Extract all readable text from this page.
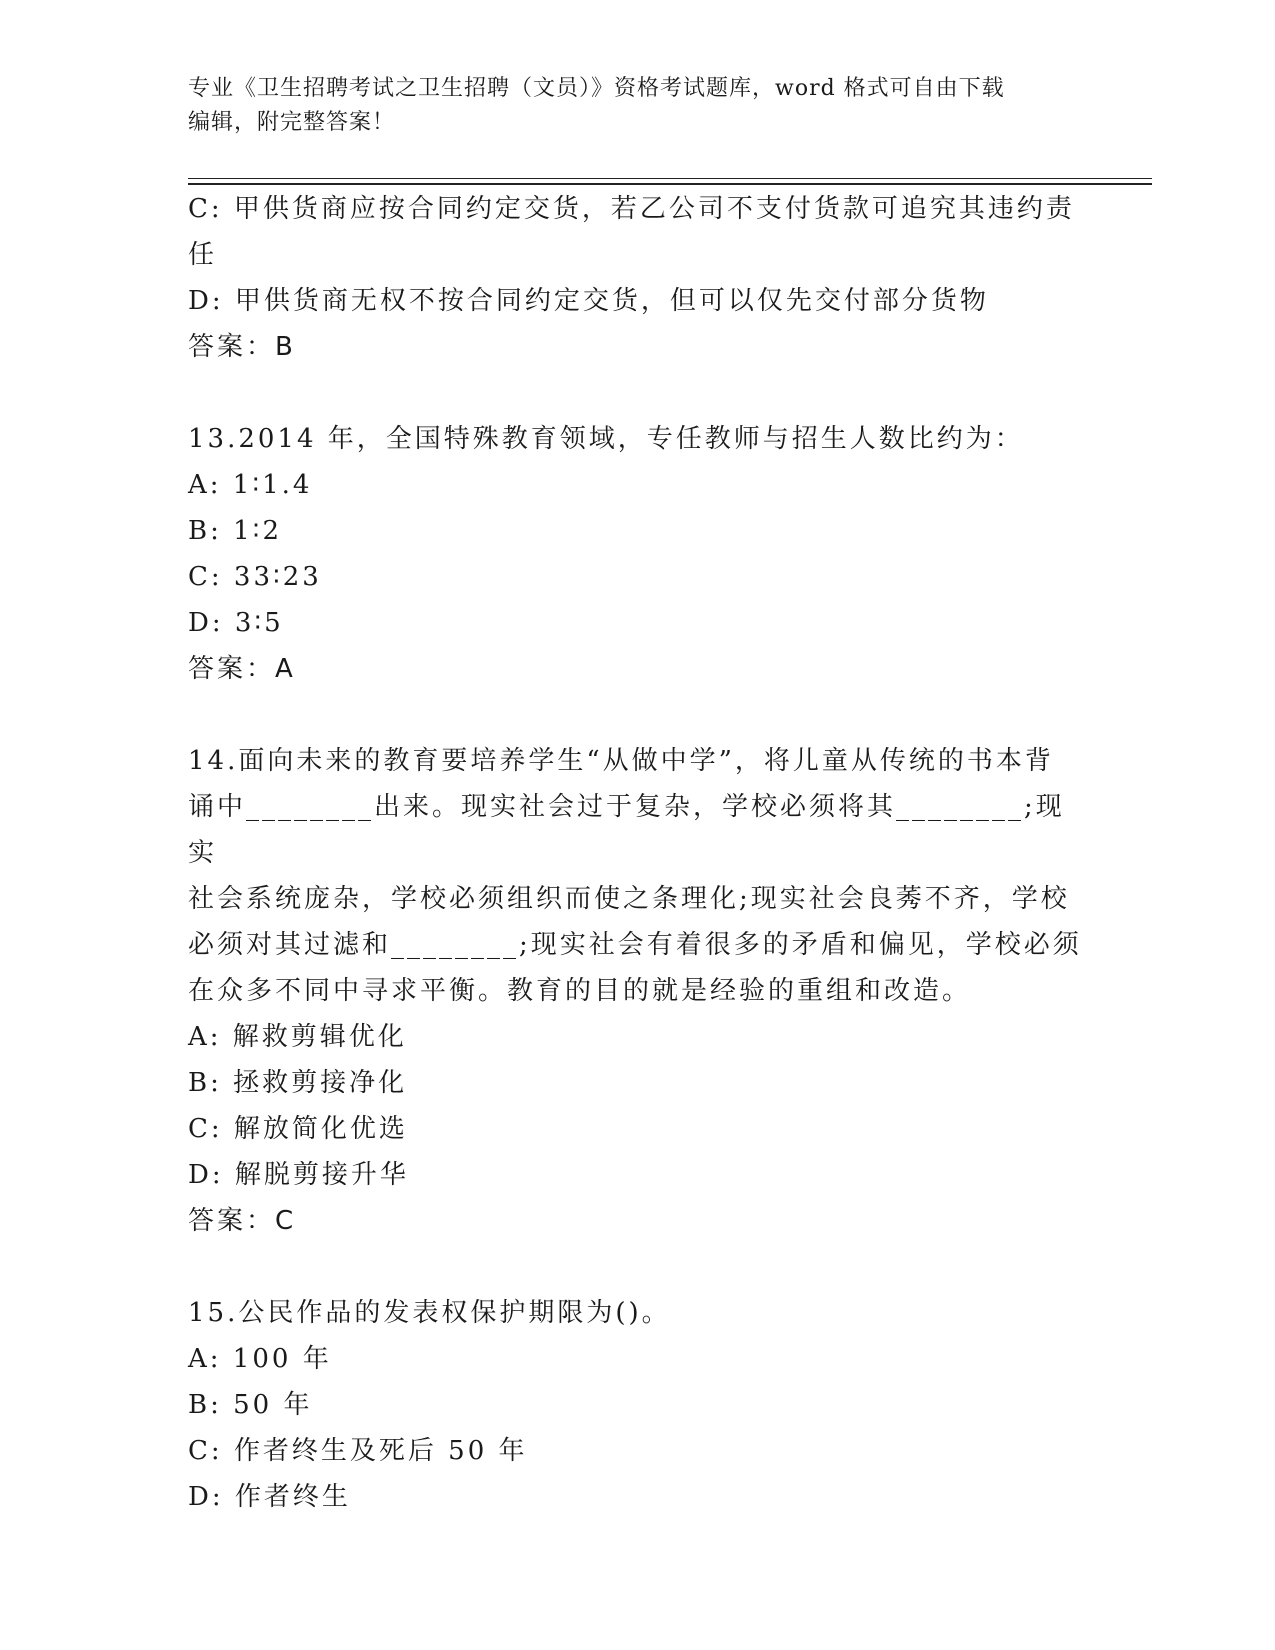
专业《卫生招聘考试之卫生招聘（文员）》资格考试题库，word 格式可自由下载
编辑，附完整答案！
C: 甲供货商应按合同约定交货，若乙公司不支付货款可追究其违约责
任
D: 甲供货商无权不按合同约定交货，但可以仅先交付部分货物
答案：B
13.2014 年，全国特殊教育领域，专任教师与招生人数比约为：
A: 1∶1.4
B: 1∶2
C: 33∶23
D: 3∶5
答案：A
14.面向未来的教育要培养学生“从做中学”，将儿童从传统的书本背
诵中________出来。现实社会过于复杂，学校必须将其________;现实
社会系统庞杂，学校必须组织而使之条理化;现实社会良莠不齐，学校
必须对其过滤和________;现实社会有着很多的矛盾和偏见，学校必须
在众多不同中寻求平衡。教育的目的就是经验的重组和改造。
A: 解救剪辑优化
B: 拯救剪接净化
C: 解放简化优选
D: 解脱剪接升华
答案：C
15.公民作品的发表权保护期限为()。
A: 100 年
B: 50 年
C: 作者终生及死后 50 年
D: 作者终生
